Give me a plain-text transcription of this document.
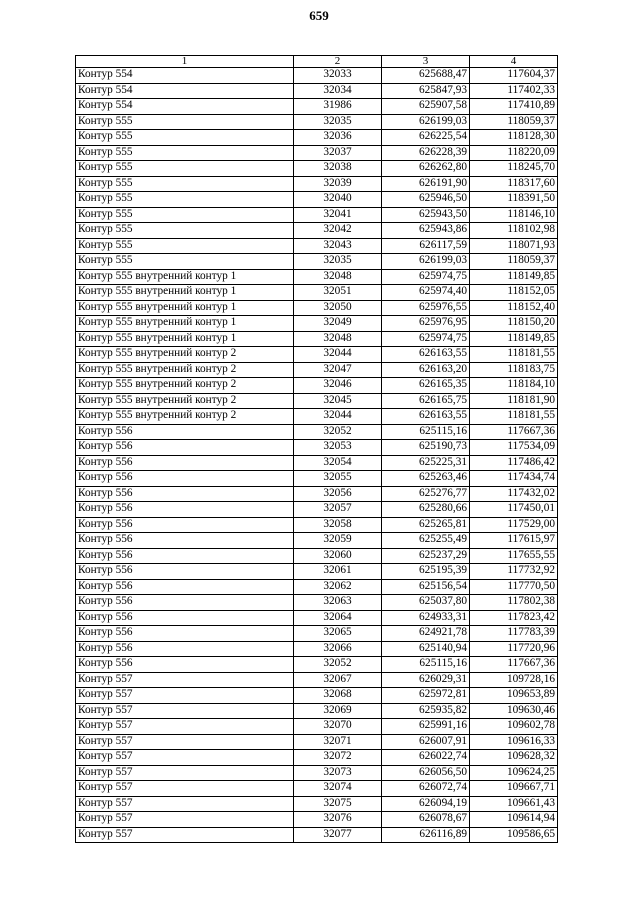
659
1	2	3	4
Контур 554	32033	625688,47	117604,37
Контур 554	32034	625847,93	117402,33
Контур 554	31986	625907,58	117410,89
Контур 555	32035	626199,03	118059,37
Контур 555	32036	626225,54	118128,30
Контур 555	32037	626228,39	118220,09
Контур 555	32038	626262,80	118245,70
Контур 555	32039	626191,90	118317,60
Контур 555	32040	625946,50	118391,50
Контур 555	32041	625943,50	118146,10
Контур 555	32042	625943,86	118102,98
Контур 555	32043	626117,59	118071,93
Контур 555	32035	626199,03	118059,37
Контур 555 внутренний контур 1	32048	625974,75	118149,85
Контур 555 внутренний контур 1	32051	625974,40	118152,05
Контур 555 внутренний контур 1	32050	625976,55	118152,40
Контур 555 внутренний контур 1	32049	625976,95	118150,20
Контур 555 внутренний контур 1	32048	625974,75	118149,85
Контур 555 внутренний контур 2	32044	626163,55	118181,55
Контур 555 внутренний контур 2	32047	626163,20	118183,75
Контур 555 внутренний контур 2	32046	626165,35	118184,10
Контур 555 внутренний контур 2	32045	626165,75	118181,90
Контур 555 внутренний контур 2	32044	626163,55	118181,55
Контур 556	32052	625115,16	117667,36
Контур 556	32053	625190,73	117534,09
Контур 556	32054	625225,31	117486,42
Контур 556	32055	625263,46	117434,74
Контур 556	32056	625276,77	117432,02
Контур 556	32057	625280,66	117450,01
Контур 556	32058	625265,81	117529,00
Контур 556	32059	625255,49	117615,97
Контур 556	32060	625237,29	117655,55
Контур 556	32061	625195,39	117732,92
Контур 556	32062	625156,54	117770,50
Контур 556	32063	625037,80	117802,38
Контур 556	32064	624933,31	117823,42
Контур 556	32065	624921,78	117783,39
Контур 556	32066	625140,94	117720,96
Контур 556	32052	625115,16	117667,36
Контур 557	32067	626029,31	109728,16
Контур 557	32068	625972,81	109653,89
Контур 557	32069	625935,82	109630,46
Контур 557	32070	625991,16	109602,78
Контур 557	32071	626007,91	109616,33
Контур 557	32072	626022,74	109628,32
Контур 557	32073	626056,50	109624,25
Контур 557	32074	626072,74	109667,71
Контур 557	32075	626094,19	109661,43
Контур 557	32076	626078,67	109614,94
Контур 557	32077	626116,89	109586,65
